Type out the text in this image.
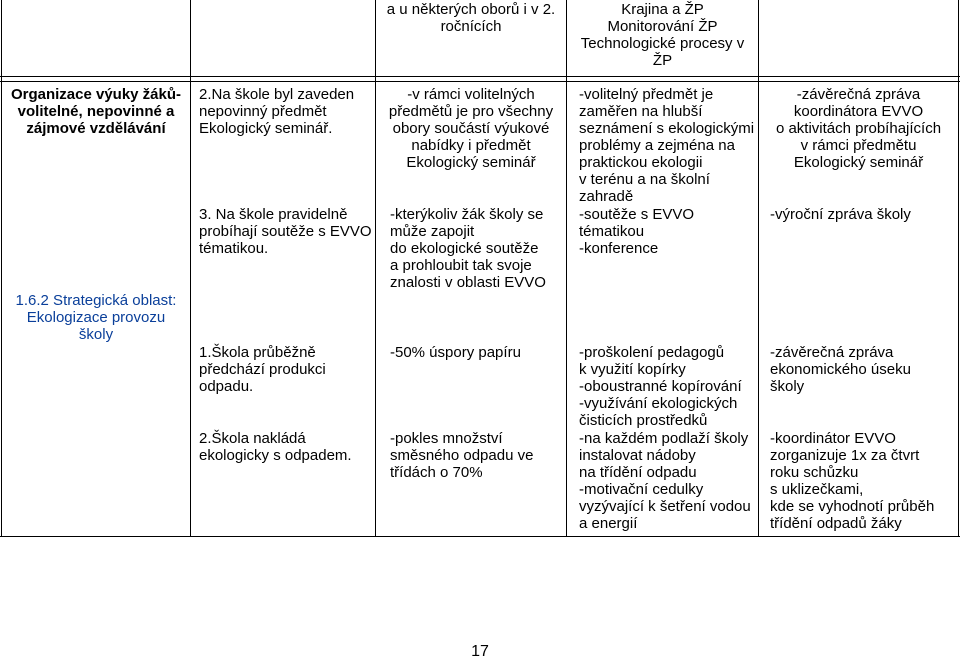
a u některých oborů i v 2.
ročnících
Krajina a ŽP
Monitorování ŽP
Technologické procesy v
ŽP
Organizace výuky žáků-
volitelné, nepovinné a
zájmové vzdělávání
2.Na škole byl zaveden
nepovinný předmět
Ekologický seminář.
-v rámci volitelných
předmětů je pro všechny
obory součástí výukové
nabídky i předmět
Ekologický seminář
-volitelný předmět je
zaměřen na hlubší
seznámení s ekologickými
problémy a zejména na
praktickou ekologii
v terénu a na školní
zahradě
-závěrečná zpráva
koordinátora EVVO
o aktivitách probíhajících
v rámci předmětu
Ekologický seminář
3. Na škole pravidelně
probíhají soutěže s EVVO
tématikou.
-kterýkoliv žák školy se
může zapojit
do ekologické soutěže
a prohloubit tak svoje
znalosti v oblasti EVVO
-soutěže s EVVO
tématikou
-konference
-výroční zpráva školy
1.6.2 Strategická oblast:
Ekologizace provozu
školy
1.Škola průběžně
předchází produkci
odpadu.
-50% úspory papíru	-proškolení pedagogů
k využití kopírky
-oboustranné kopírování
-využívání ekologických
čisticích prostředků
-závěrečná zpráva
ekonomického úseku
školy
2.Škola nakládá
ekologicky s odpadem.
-pokles množství
směsného odpadu ve
třídách o 70%
-na každém podlaží školy
instalovat nádoby
na třídění odpadu
-motivační cedulky
vyzývající k šetření vodou
a energií
-koordinátor EVVO
zorganizuje 1x za čtvrt
roku schůzku
s uklizečkami,
kde se vyhodnotí průběh
třídění odpadů žáky
17
